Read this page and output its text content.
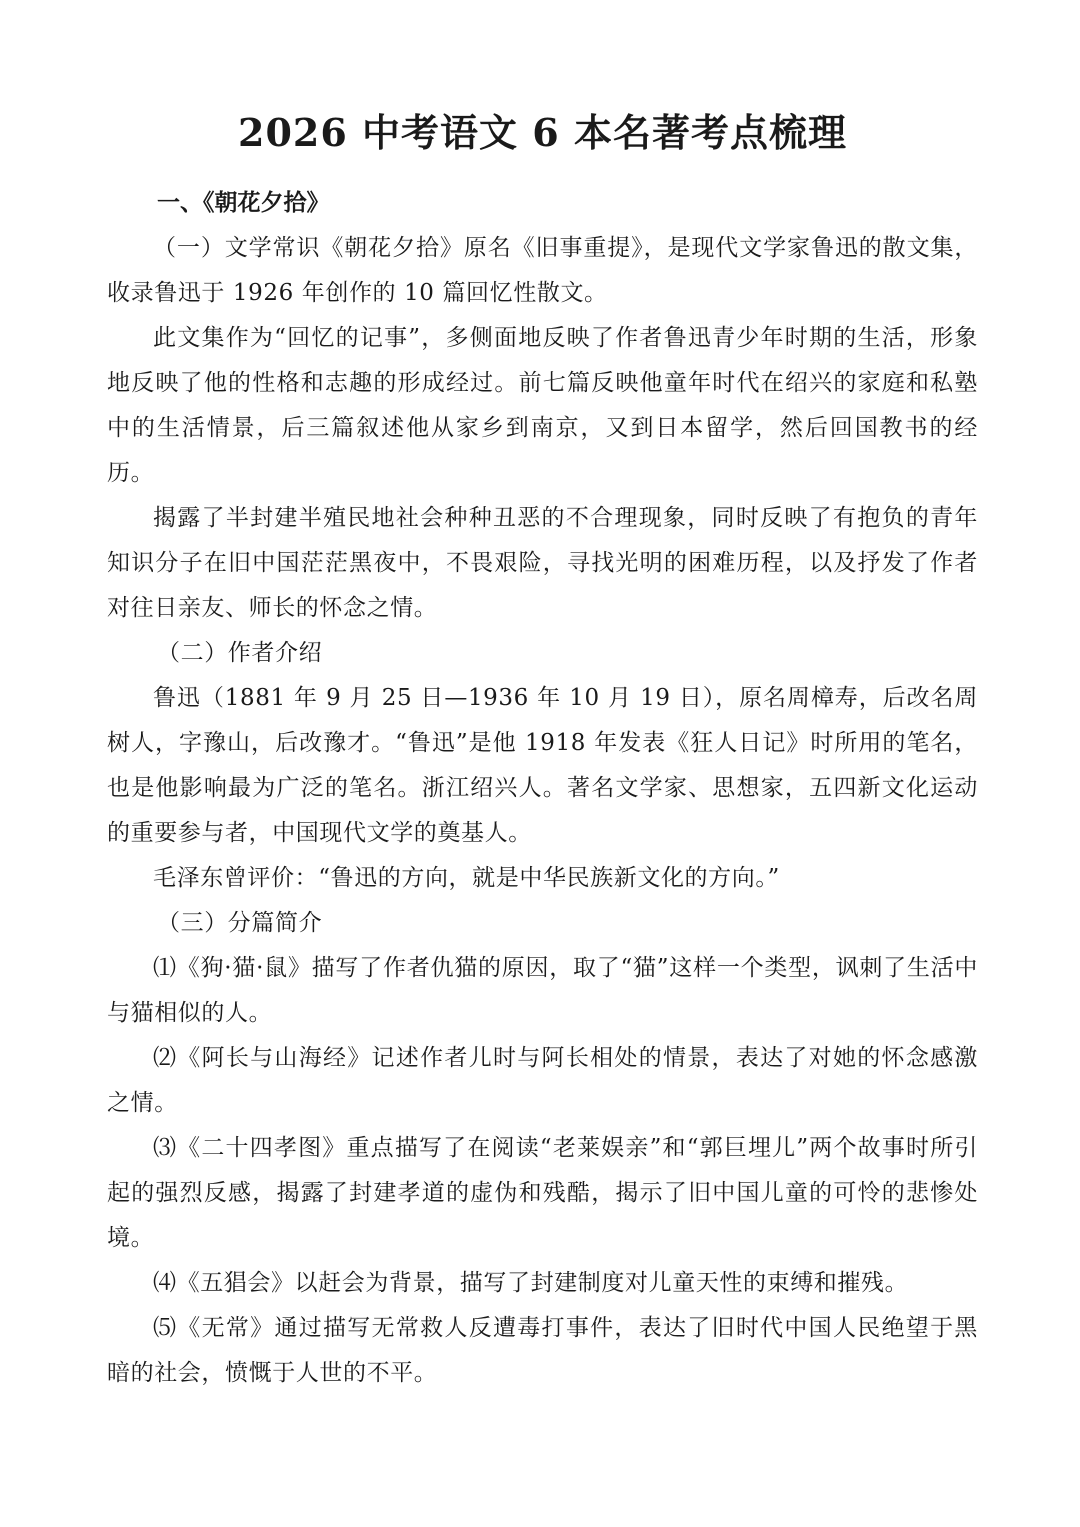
2026 中考语文 6 本名著考点梳理
一、《朝花夕拾》

（一）文学常识《朝花夕拾》原名《旧事重提》，是现代文学家鲁迅的散文集，收录鲁迅于 1926 年创作的 10 篇回忆性散文。

此文集作为“回忆的记事”，多侧面地反映了作者鲁迅青少年时期的生活，形象地反映了他的性格和志趣的形成经过。前七篇反映他童年时代在绍兴的家庭和私塾中的生活情景，后三篇叙述他从家乡到南京，又到日本留学，然后回国教书的经历。

揭露了半封建半殖民地社会种种丑恶的不合理现象，同时反映了有抱负的青年知识分子在旧中国茫茫黑夜中，不畏艰险，寻找光明的困难历程，以及抒发了作者对往日亲友、师长的怀念之情。

（二）作者介绍

鲁迅（1881 年 9 月 25 日—1936 年 10 月 19 日），原名周樟寿，后改名周树人，字豫山，后改豫才。“鲁迅”是他 1918 年发表《狂人日记》时所用的笔名，也是他影响最为广泛的笔名。浙江绍兴人。著名文学家、思想家，五四新文化运动的重要参与者，中国现代文学的奠基人。

毛泽东曾评价：“鲁迅的方向，就是中华民族新文化的方向。”

（三）分篇简介

⑴《狗·猫·鼠》描写了作者仇猫的原因，取了“猫”这样一个类型，讽刺了生活中与猫相似的人。

⑵《阿长与山海经》记述作者儿时与阿长相处的情景，表达了对她的怀念感激之情。

⑶《二十四孝图》重点描写了在阅读“老莱娱亲”和“郭巨埋儿”两个故事时所引起的强烈反感，揭露了封建孝道的虚伪和残酷，揭示了旧中国儿童的可怜的悲惨处境。

⑷《五猖会》以赶会为背景，描写了封建制度对儿童天性的束缚和摧残。

⑸《无常》通过描写无常救人反遭毒打事件，表达了旧时代中国人民绝望于黑暗的社会，愤慨于人世的不平。
